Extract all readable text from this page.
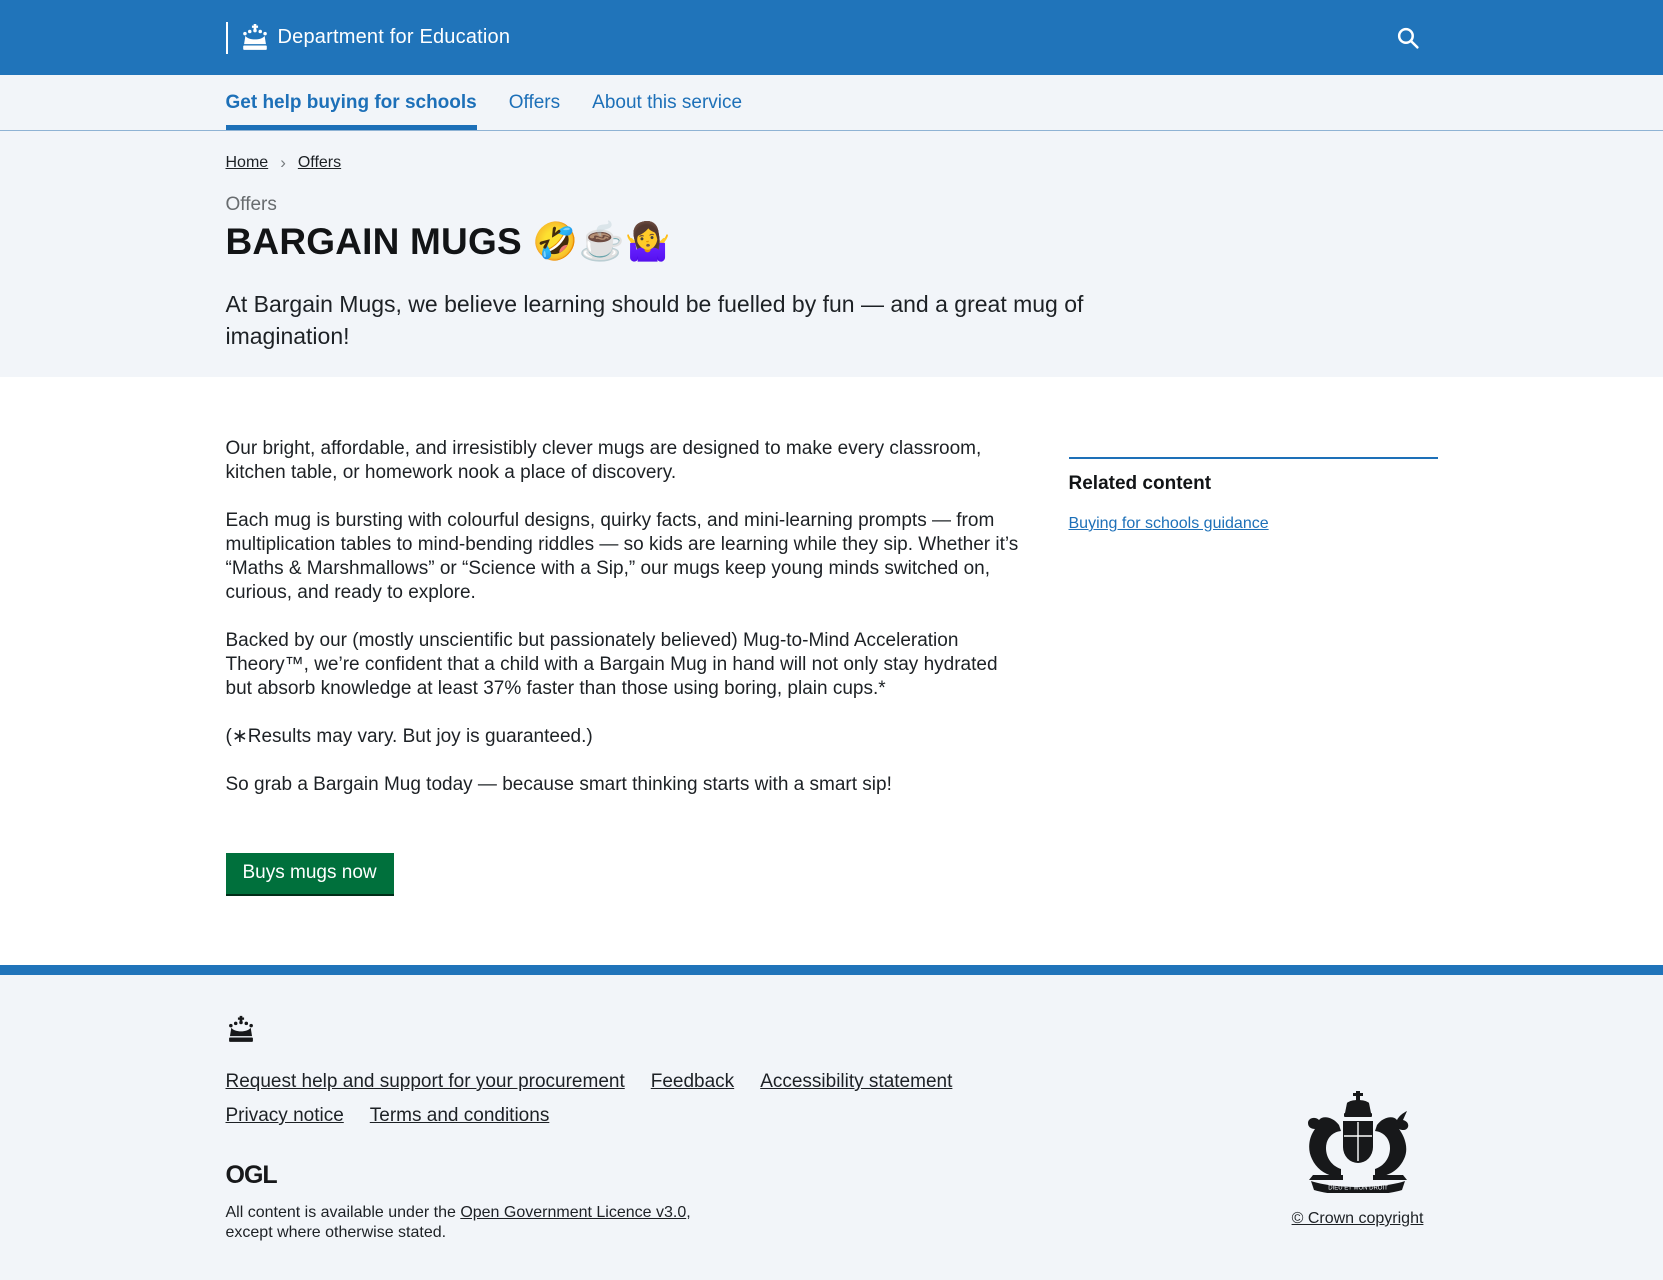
Department for Education
Get help buying for schools Offers About this service
Home › Offers

Offers

BARGAIN MUGS 🤣☕🤷‍♀️

At Bargain Mugs, we believe learning should be fuelled by fun — and a great mug of imagination!

Our bright, affordable, and irresistibly clever mugs are designed to make every classroom, kitchen table, or homework nook a place of discovery.

Each mug is bursting with colourful designs, quirky facts, and mini-learning prompts — from multiplication tables to mind-bending riddles — so kids are learning while they sip. Whether it’s “Maths & Marshmallows” or “Science with a Sip,” our mugs keep young minds switched on, curious, and ready to explore.

Backed by our (mostly unscientific but passionately believed) Mug-to-Mind Acceleration Theory™, we’re confident that a child with a Bargain Mug in hand will not only stay hydrated but absorb knowledge at least 37% faster than those using boring, plain cups.*

(∗Results may vary. But joy is guaranteed.)

So grab a Bargain Mug today — because smart thinking starts with a smart sip!

Buys mugs now
Related content
Buying for schools guidance
Request help and support for your procurement Feedback Accessibility statement
Privacy notice Terms and conditions
OGL

All content is available under the Open Government Licence v3.0, except where otherwise stated.

DIEU ET MON DROIT

© Crown copyright
